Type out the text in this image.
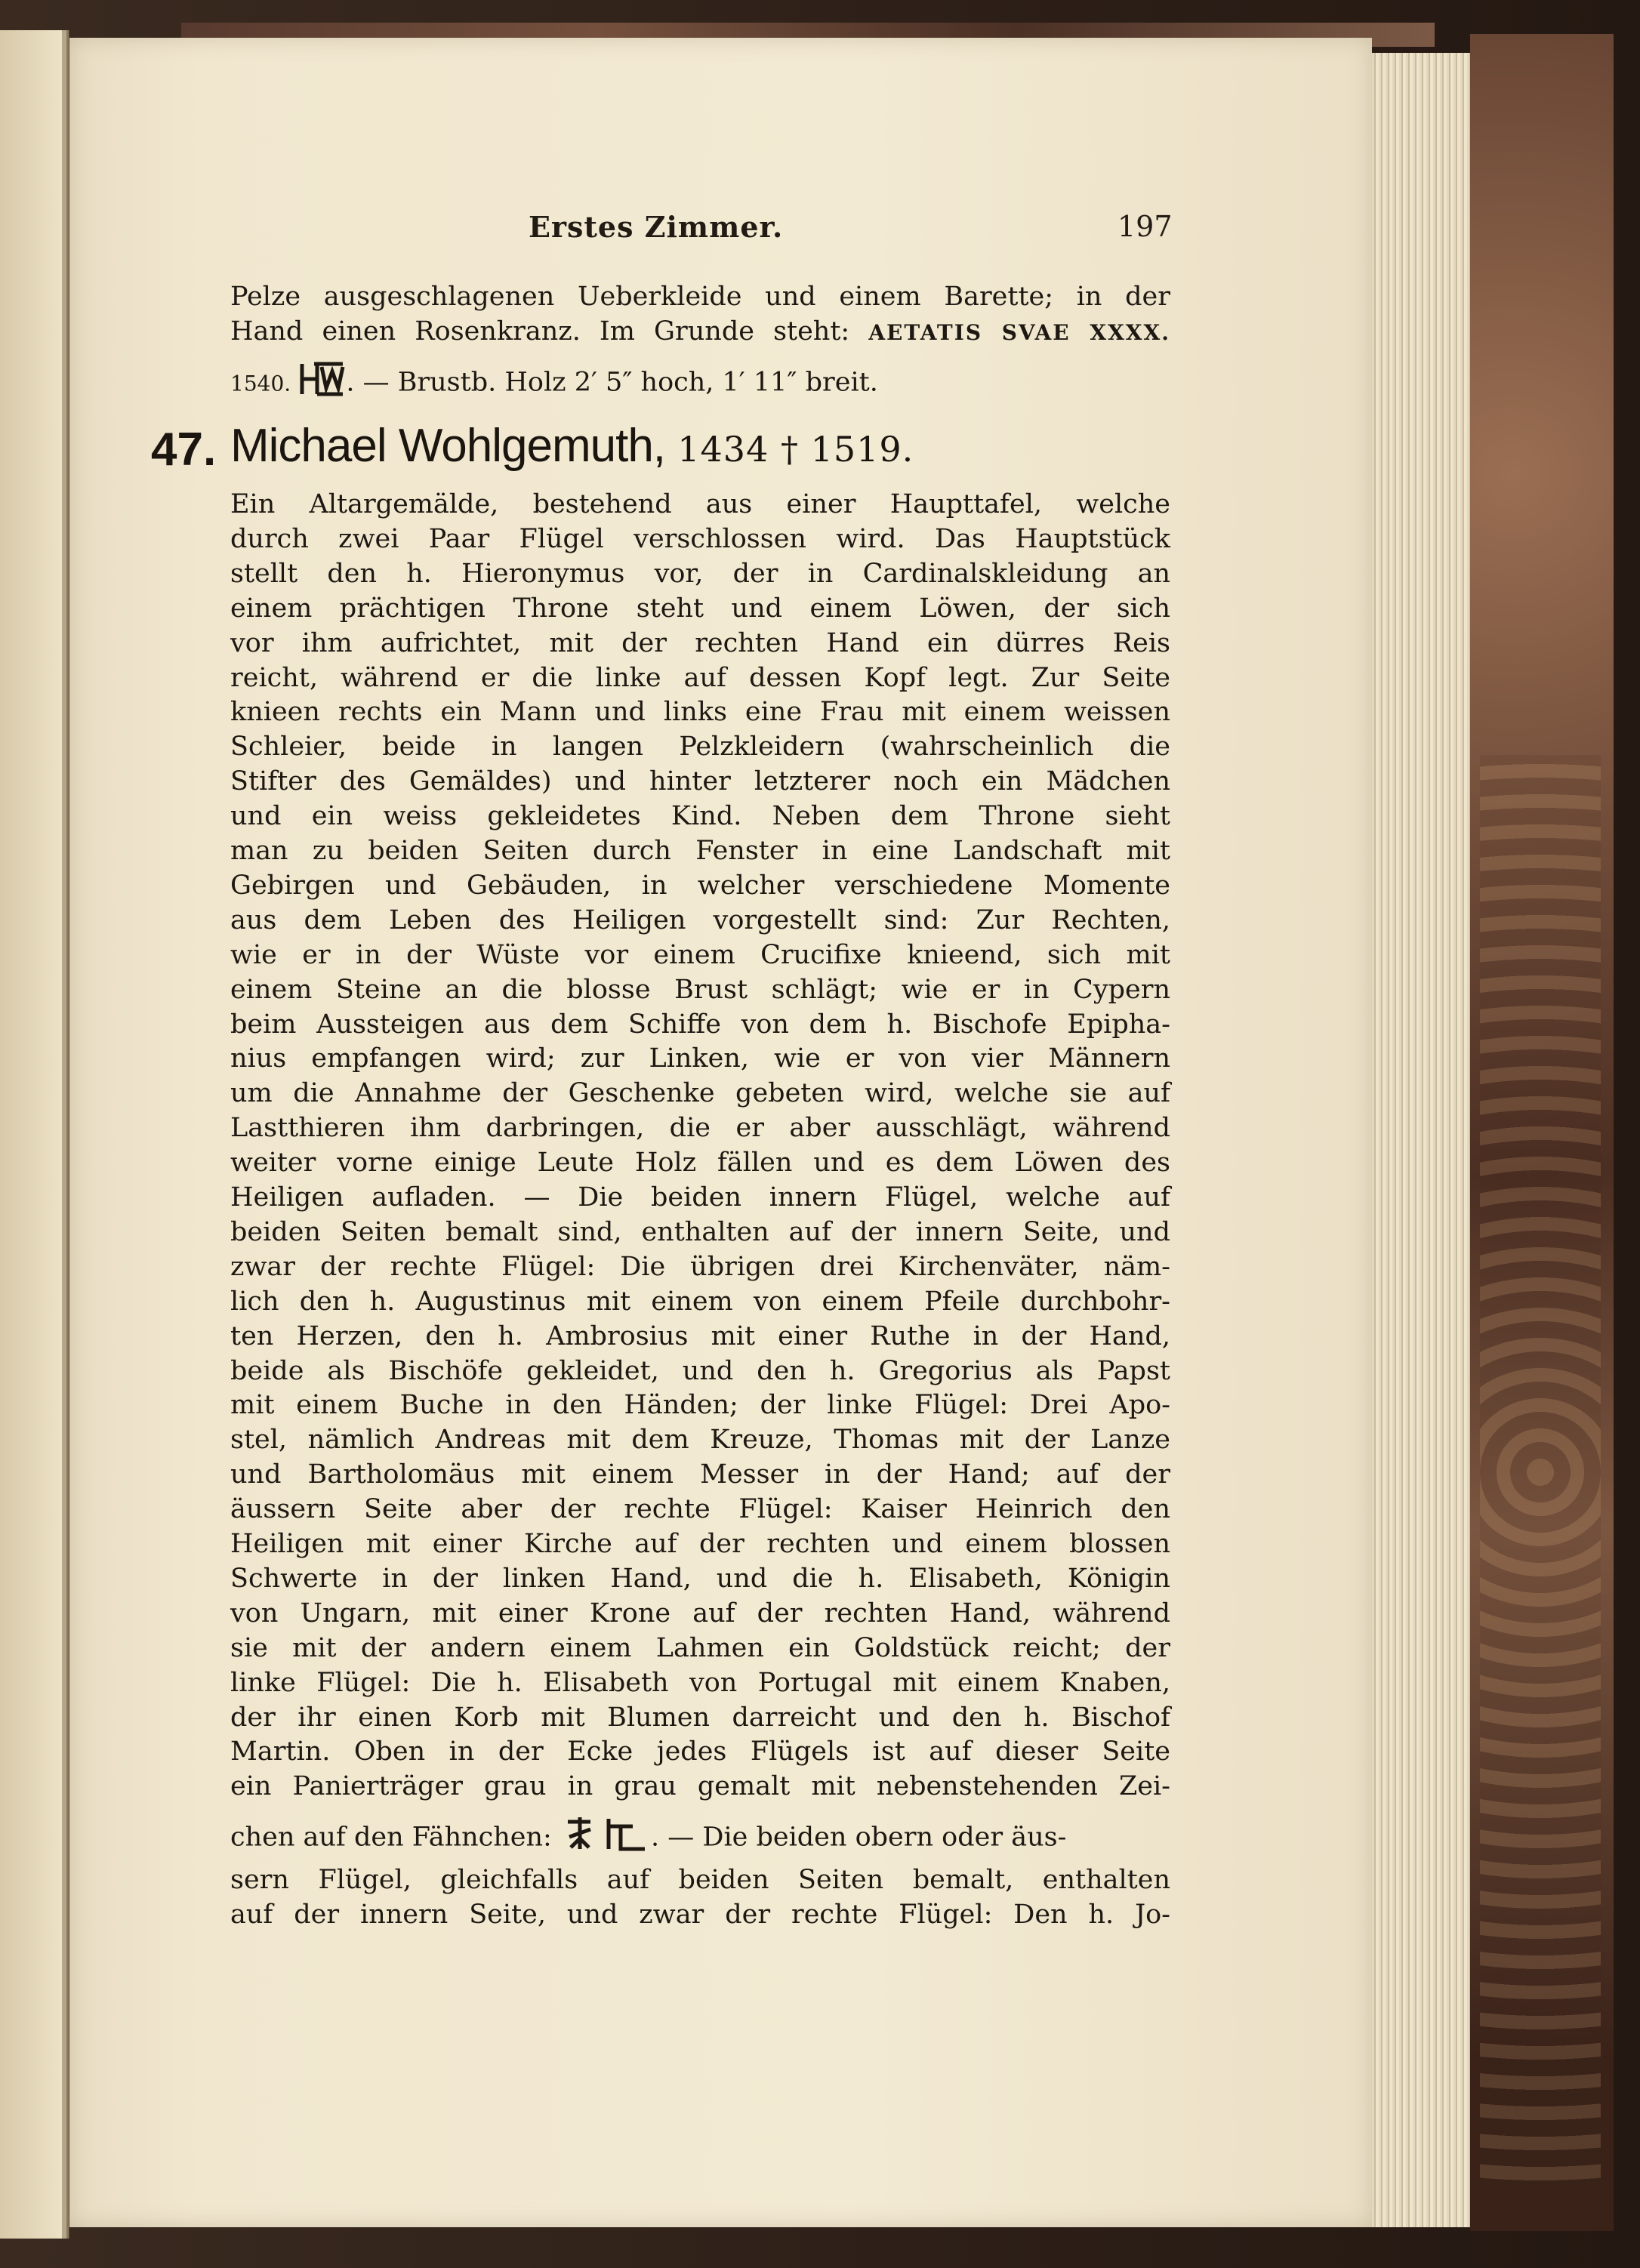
Erstes Zimmer.	197
Pelze ausgeschlagenen Ueberkleide und einem Barette; in der
Hand einen Rosenkranz. Im Grunde steht: AETATIS SVAE XXXX.
1540. . — Brustb. Holz 2′ 5″ hoch, 1′ 11″ breit.
47. Michael Wohlgemuth, 1434 † 1519.
Ein Altargemälde, bestehend aus einer Haupttafel, welche
durch zwei Paar Flügel verschlossen wird. Das Hauptstück
stellt den h. Hieronymus vor, der in Cardinalskleidung an
einem prächtigen Throne steht und einem Löwen, der sich
vor ihm aufrichtet, mit der rechten Hand ein dürres Reis
reicht, während er die linke auf dessen Kopf legt. Zur Seite
knieen rechts ein Mann und links eine Frau mit einem weissen
Schleier, beide in langen Pelzkleidern (wahrscheinlich die
Stifter des Gemäldes) und hinter letzterer noch ein Mädchen
und ein weiss gekleidetes Kind. Neben dem Throne sieht
man zu beiden Seiten durch Fenster in eine Landschaft mit
Gebirgen und Gebäuden, in welcher verschiedene Momente
aus dem Leben des Heiligen vorgestellt sind: Zur Rechten,
wie er in der Wüste vor einem Crucifixe knieend, sich mit
einem Steine an die blosse Brust schlägt; wie er in Cypern
beim Aussteigen aus dem Schiffe von dem h. Bischofe Epipha-
nius empfangen wird; zur Linken, wie er von vier Männern
um die Annahme der Geschenke gebeten wird, welche sie auf
Lastthieren ihm darbringen, die er aber ausschlägt, während
weiter vorne einige Leute Holz fällen und es dem Löwen des
Heiligen aufladen. — Die beiden innern Flügel, welche auf
beiden Seiten bemalt sind, enthalten auf der innern Seite, und
zwar der rechte Flügel: Die übrigen drei Kirchenväter, näm-
lich den h. Augustinus mit einem von einem Pfeile durchbohr-
ten Herzen, den h. Ambrosius mit einer Ruthe in der Hand,
beide als Bischöfe gekleidet, und den h. Gregorius als Papst
mit einem Buche in den Händen; der linke Flügel: Drei Apo-
stel, nämlich Andreas mit dem Kreuze, Thomas mit der Lanze
und Bartholomäus mit einem Messer in der Hand; auf der
äussern Seite aber der rechte Flügel: Kaiser Heinrich den
Heiligen mit einer Kirche auf der rechten und einem blossen
Schwerte in der linken Hand, und die h. Elisabeth, Königin
von Ungarn, mit einer Krone auf der rechten Hand, während
sie mit der andern einem Lahmen ein Goldstück reicht; der
linke Flügel: Die h. Elisabeth von Portugal mit einem Knaben,
der ihr einen Korb mit Blumen darreicht und den h. Bischof
Martin. Oben in der Ecke jedes Flügels ist auf dieser Seite
ein Panierträger grau in grau gemalt mit nebenstehenden Zei-
chen auf den Fähnchen:	. — Die beiden obern oder äus-
sern Flügel, gleichfalls auf beiden Seiten bemalt, enthalten
auf der innern Seite, und zwar der rechte Flügel: Den h. Jo-
